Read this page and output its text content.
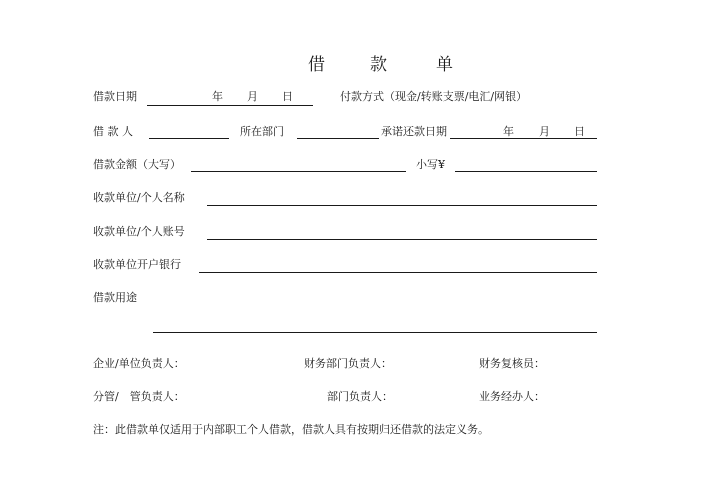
借	款	单
借款日期	年 月 日	付款方式（现金/转账支票/电汇/网银）
借 款 人	所在部门	承诺还款日期	年 月 日
借款金额（大写）	小写¥
收款单位/个人名称
收款单位/个人账号
收款单位开户银行
借款用途
企业/单位负责人：	财务部门负责人：	财务复核员：
分管/　管负责人：	部门负责人：	业务经办人：
注：此借款单仅适用于内部职工个人借款，借款人具有按期归还借款的法定义务。
